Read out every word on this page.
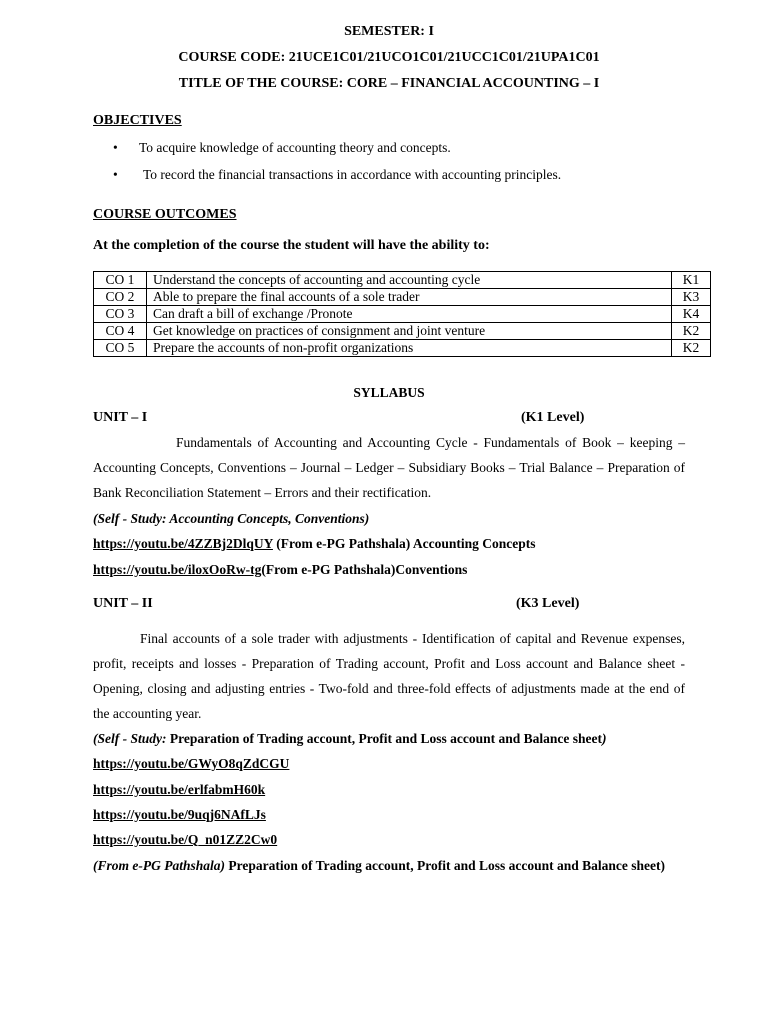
SEMESTER: I
COURSE CODE: 21UCE1C01/21UCO1C01/21UCC1C01/21UPA1C01
TITLE OF THE COURSE: CORE – FINANCIAL ACCOUNTING – I
OBJECTIVES
• To acquire knowledge of accounting theory and concepts.
• To record the financial transactions in accordance with accounting principles.
COURSE OUTCOMES
At the completion of the course the student will have the ability to:
CO 1	Understand the concepts of accounting and accounting cycle	K1
CO 2	Able to prepare the final accounts of a sole trader	K3
CO 3	Can draft a bill of exchange /Pronote	K4
CO 4	Get knowledge on practices of consignment and joint venture	K2
CO 5	Prepare the accounts of non-profit organizations	K2
SYLLABUS
UNIT – I	(K1 Level)
Fundamentals of Accounting and Accounting Cycle - Fundamentals of Book – keeping – Accounting Concepts, Conventions – Journal – Ledger – Subsidiary Books – Trial Balance – Preparation of Bank Reconciliation Statement – Errors and their rectification.
(Self - Study: Accounting Concepts, Conventions)
https://youtu.be/4ZZBj2DlqUY (From e-PG Pathshala) Accounting Concepts
https://youtu.be/iloxOoRw-tg(From e-PG Pathshala)Conventions
UNIT – II	(K3 Level)
Final accounts of a sole trader with adjustments - Identification of capital and Revenue expenses, profit, receipts and losses - Preparation of Trading account, Profit and Loss account and Balance sheet - Opening, closing and adjusting entries - Two-fold and three-fold effects of adjustments made at the end of the accounting year.
(Self - Study: Preparation of Trading account, Profit and Loss account and Balance sheet)
https://youtu.be/GWyO8qZdCGU
https://youtu.be/erlfabmH60k
https://youtu.be/9uqj6NAfLJs
https://youtu.be/Q_n01ZZ2Cw0
(From e-PG Pathshala) Preparation of Trading account, Profit and Loss account and Balance sheet)
